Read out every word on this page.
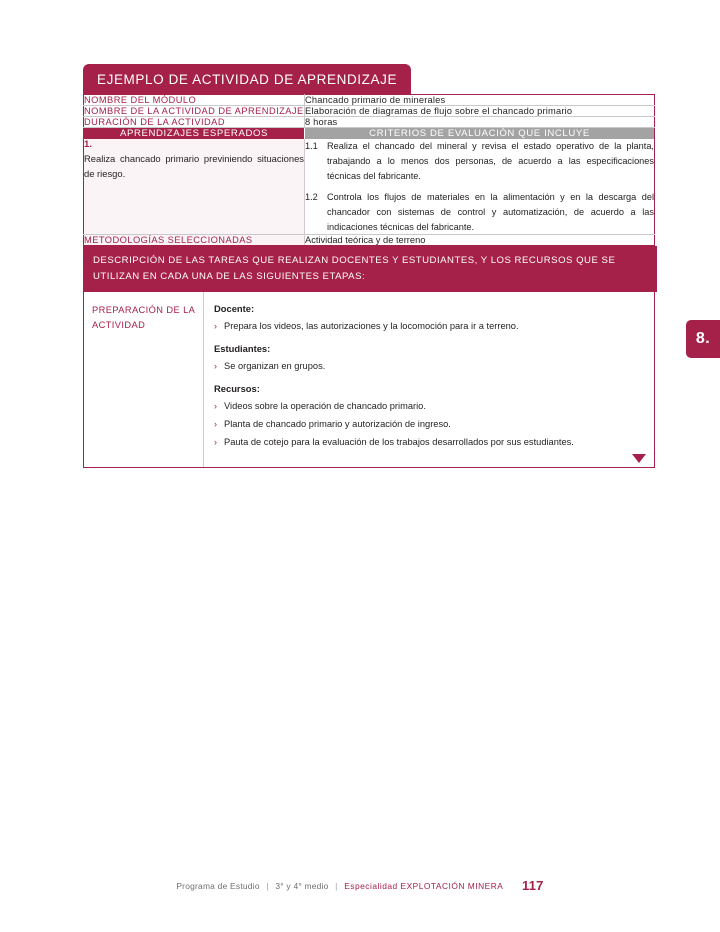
8.
EJEMPLO DE ACTIVIDAD DE APRENDIZAJE
NOMBRE DEL MÓDULO	Chancado primario de minerales
NOMBRE DE LA ACTIVIDAD DE APRENDIZAJE	Elaboración de diagramas de flujo sobre el chancado primario
DURACIÓN DE LA ACTIVIDAD	8 horas
APRENDIZAJES ESPERADOS	CRITERIOS DE EVALUACIÓN QUE INCLUYE

1.

Realiza chancado primario previniendo situaciones de riesgo.

1.1	Realiza el chancado del mineral y revisa el estado operativo de la planta, trabajando a lo menos dos personas, de acuerdo a las especificaciones técnicas del fabricante.
1.2	Controla los flujos de materiales en la alimentación y en la descarga del chancador con sistemas de control y automatización, de acuerdo a las indicaciones técnicas del fabricante.

METODOLOGÍAS SELECCIONADAS	Actividad teórica y de terreno
DESCRIPCIÓN DE LAS TAREAS QUE REALIZAN DOCENTES Y ESTUDIANTES, Y LOS RECURSOS QUE SE UTILIZAN EN CADA UNA DE LAS SIGUIENTES ETAPAS:
PREPARACIÓN DE LA ACTIVIDAD

Docente:

› Prepara los videos, las autorizaciones y la locomoción para ir a terreno.

Estudiantes:

› Se organizan en grupos.

Recursos:

› Videos sobre la operación de chancado primario.
› Planta de chancado primario y autorización de ingreso.
› Pauta de cotejo para la evaluación de los trabajos desarrollados por sus estudiantes.
Programa de Estudio | 3° y 4° medio | Especialidad EXPLOTACIÓN MINERA 117
